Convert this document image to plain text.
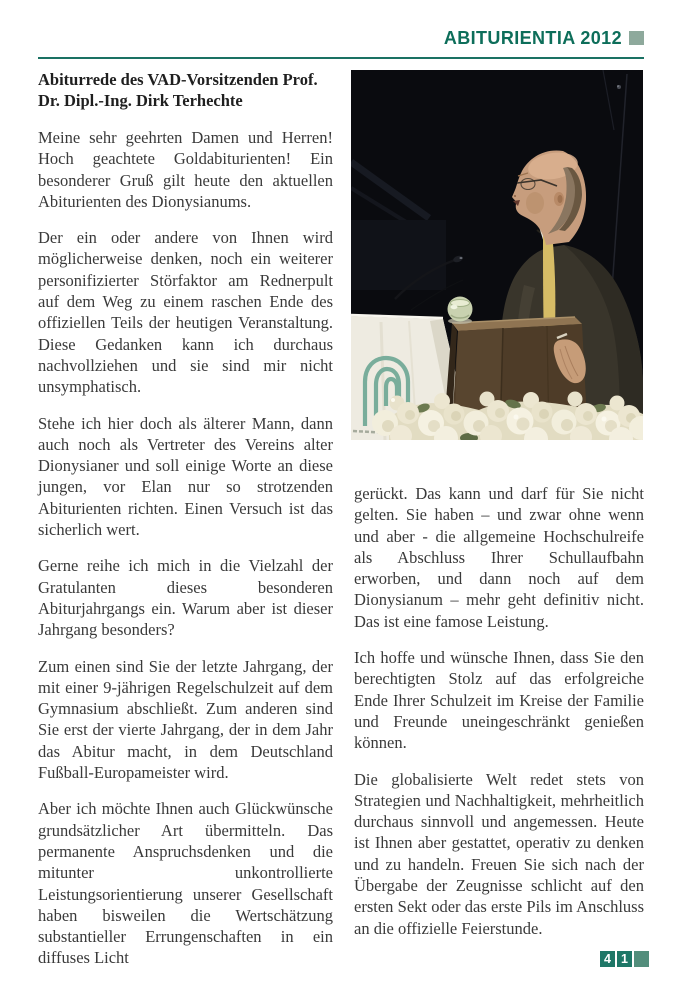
ABITURIENTIA 2012
Abiturrede des VAD-Vorsitzenden Prof.
Dr. Dipl.-Ing. Dirk Terhechte

Meine sehr geehrten Damen und Herren! Hoch geachtete Goldabiturienten! Ein besonderer Gruß gilt heute den aktuellen Abiturienten des Dionysianums.

Der ein oder andere von Ihnen wird möglicherweise denken, noch ein weiterer personifizierter Störfaktor am Rednerpult auf dem Weg zu einem raschen Ende des offiziellen Teils der heutigen Veranstaltung. Diese Gedanken kann ich durchaus nachvollziehen und sie sind mir nicht unsymphatisch.

Stehe ich hier doch als älterer Mann, dann auch noch als Vertreter des Vereins alter Dionysianer und soll einige Worte an diese jungen, vor Elan nur so strotzenden Abiturienten richten. Einen Versuch ist das sicherlich wert.

Gerne reihe ich mich in die Vielzahl der Gratulanten dieses besonderen Abiturjahrgangs ein. Warum aber ist dieser Jahrgang besonders?

Zum einen sind Sie der letzte Jahrgang, der mit einer 9-jährigen Regelschulzeit auf dem Gymnasium abschließt. Zum anderen sind Sie erst der vierte Jahrgang, der in dem Jahr das Abitur macht, in dem Deutschland Fußball-Europameister wird.

Aber ich möchte Ihnen auch Glückwünsche grundsätzlicher Art übermitteln. Das permanente Anspruchsdenken und die mitunter unkontrollierte Leistungsorientierung unserer Gesellschaft haben bisweilen die Wertschätzung substantieller Errungenschaften in ein diffuses Licht

gerückt. Das kann und darf für Sie nicht gelten. Sie haben – und zwar ohne wenn und aber - die allgemeine Hochschulreife als Abschluss Ihrer Schullaufbahn erworben, und dann noch auf dem Dionysianum – mehr geht definitiv nicht. Das ist eine famose Leistung.

Ich hoffe und wünsche Ihnen, dass Sie den berechtigten Stolz auf das erfolgreiche Ende Ihrer Schulzeit im Kreise der Familie und Freunde uneingeschränkt genießen können.

Die globalisierte Welt redet stets von Strategien und Nachhaltigkeit, mehrheitlich durchaus sinnvoll und angemessen. Heute ist Ihnen aber gestattet, operativ zu denken und zu handeln. Freuen Sie sich nach der Übergabe der Zeugnisse schlicht auf den ersten Sekt oder das erste Pils im Anschluss an die offizielle Feierstunde.

4 1
